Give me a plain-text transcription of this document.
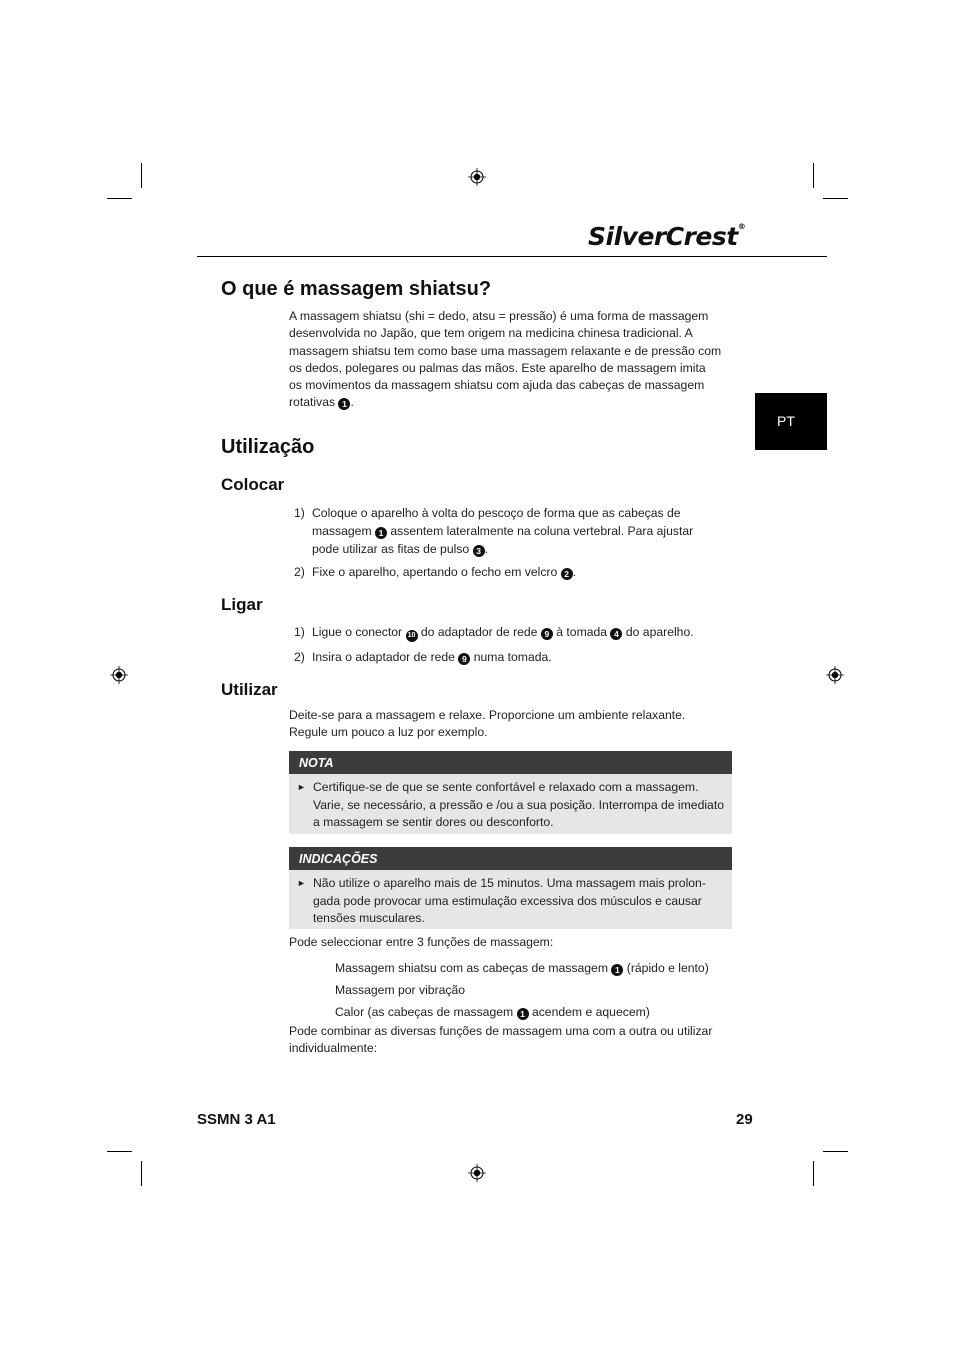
SilverCrest®
PT
O que é massagem shiatsu?
A massagem shiatsu (shi = dedo, atsu = pressão) é uma forma de massagem
desenvolvida no Japão, que tem origem na medicina chinesa tradicional. A
massagem shiatsu tem como base uma massagem relaxante e de pressão com
os dedos, polegares ou palmas das mãos. Este aparelho de massagem imita
os movimentos da massagem shiatsu com ajuda das cabeças de massagem
rotativas 1 .
Utilização
Colocar
1) Coloque o aparelho à volta do pescoço de forma que as cabeças de
massagem 1 assentem lateralmente na coluna vertebral. Para ajustar
pode utilizar as fitas de pulso 3 .
2) Fixe o aparelho, apertando o fecho em velcro 2 .
Ligar
1) Ligue o conector 10 do adaptador de rede 9 à tomada 4 do aparelho.
2) Insira o adaptador de rede 9 numa tomada.
Utilizar
Deite-se para a massagem e relaxe. Proporcione um ambiente relaxante.
Regule um pouco a luz por exemplo.
NOTA
► Certifique-se de que se sente confortável e relaxado com a massagem.
Varie, se necessário, a pressão e /ou a sua posição. Interrompa de imediato
a massagem se sentir dores ou desconforto.
INDICAÇÕES
► Não utilize o aparelho mais de 15 minutos. Uma massagem mais prolon-
gada pode provocar uma estimulação excessiva dos músculos e causar
tensões musculares.
Pode seleccionar entre 3 funções de massagem:
Massagem shiatsu com as cabeças de massagem 1 (rápido e lento)
Massagem por vibração
Calor (as cabeças de massagem 1 acendem e aquecem)
Pode combinar as diversas funções de massagem uma com a outra ou utilizar
individualmente:
SSMN 3 A1	29
